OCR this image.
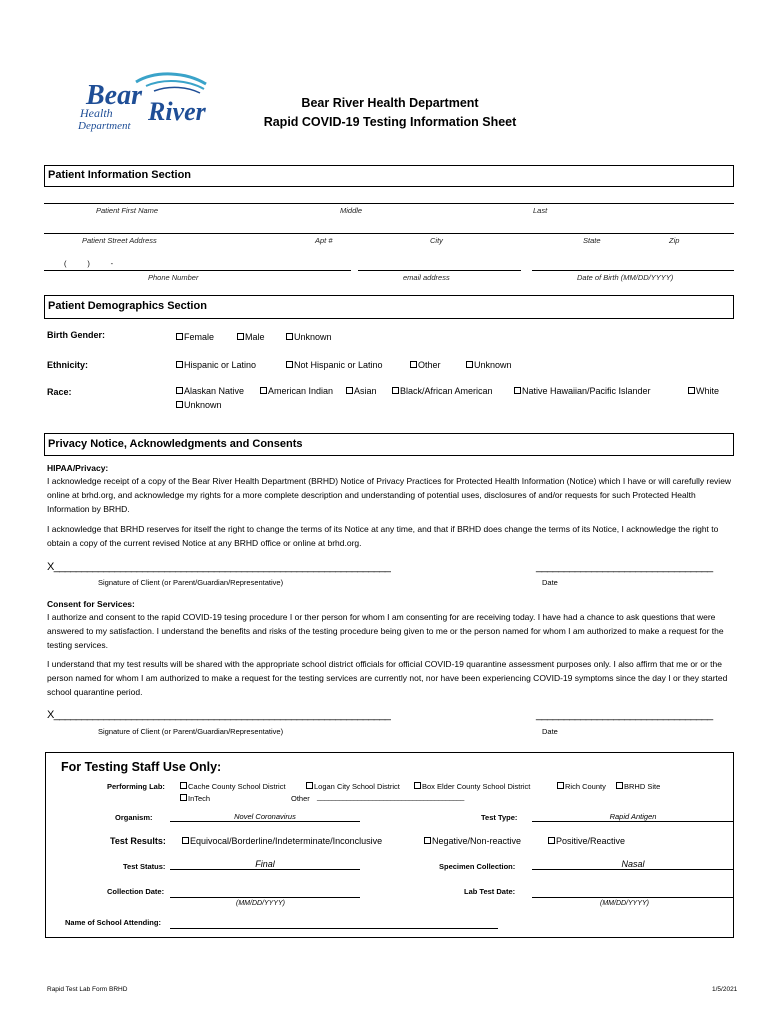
Bear
River
Health
Department
Bear River Health Department
Rapid COVID-19 Testing Information Sheet
Patient Information Section
Patient First Name	Middle	Last
Patient Street Address	Apt #	City	State	Zip
(          )          -
Phone Number	email address	Date of Birth (MM/DD/YYYY)
Patient Demographics Section
Birth Gender:	Female	Male	Unknown
Ethnicity:	Hispanic or Latino	Not Hispanic or Latino	Other	Unknown
Race:	Alaskan Native	American Indian	Asian	Black/African American	Native Hawaiian/Pacific Islander	White
Unknown
Privacy Notice, Acknowledgments and Consents
HIPAA/Privacy:
I acknowledge receipt of a copy of the Bear River Health Department (BRHD) Notice of Privacy Practices for Protected Health Information (Notice) which I have or will carefully review online at brhd.org, and acknowledge my rights for a more complete description and understanding of potential uses, disclosures of and/or requests for such Protected Health Information by BRHD.
I acknowledge that BRHD reserves for itself the right to change the terms of its Notice at any time, and that if BRHD does change the terms of its Notice, I acknowledge the right to obtain a copy of the current revised Notice at any BRHD office or online at brhd.org.
X_____________________________________________________________	________________________________
Signature of Client (or Parent/Guardian/Representative)	Date
Consent for Services:
I authorize and consent to the rapid COVID-19 tesing procedure I or ther person for whom I am consenting for are receiving today. I have had a chance to ask questions that were answered to my satisfaction. I understand the benefits and risks of the testing procedure being given to me or the person named for whom I am authorized to make a request for the testing services.
I understand that my test results will be shared with the appropriate school district officials for official COVID-19 quarantine assessment purposes only. I also affirm that me or or the person named for whom I am authorized to make a request for the testing services are currently not, nor have been experiencing COVID-19 symptoms since the day I or they started school quarantine period.
X_____________________________________________________________	________________________________
Signature of Client (or Parent/Guardian/Representative)	Date
For Testing Staff Use Only:
Performing Lab:	Cache County School District	Logan City School District	Box Elder County School District	Rich County	BRHD Site
InTech	Other ________________________________________
Organism:	Novel Coronavirus	Test Type:	Rapid Antigen
Test Results:	Equivocal/Borderline/Indeterminate/Inconclusive	Negative/Non-reactive	Positive/Reactive
Test Status:	Final	Specimen Collection:	Nasal
Collection Date:
(MM/DD/YYYY)
Lab Test Date:
(MM/DD/YYYY)
Name of School Attending:
Rapid Test Lab Form BRHD	1/5/2021
